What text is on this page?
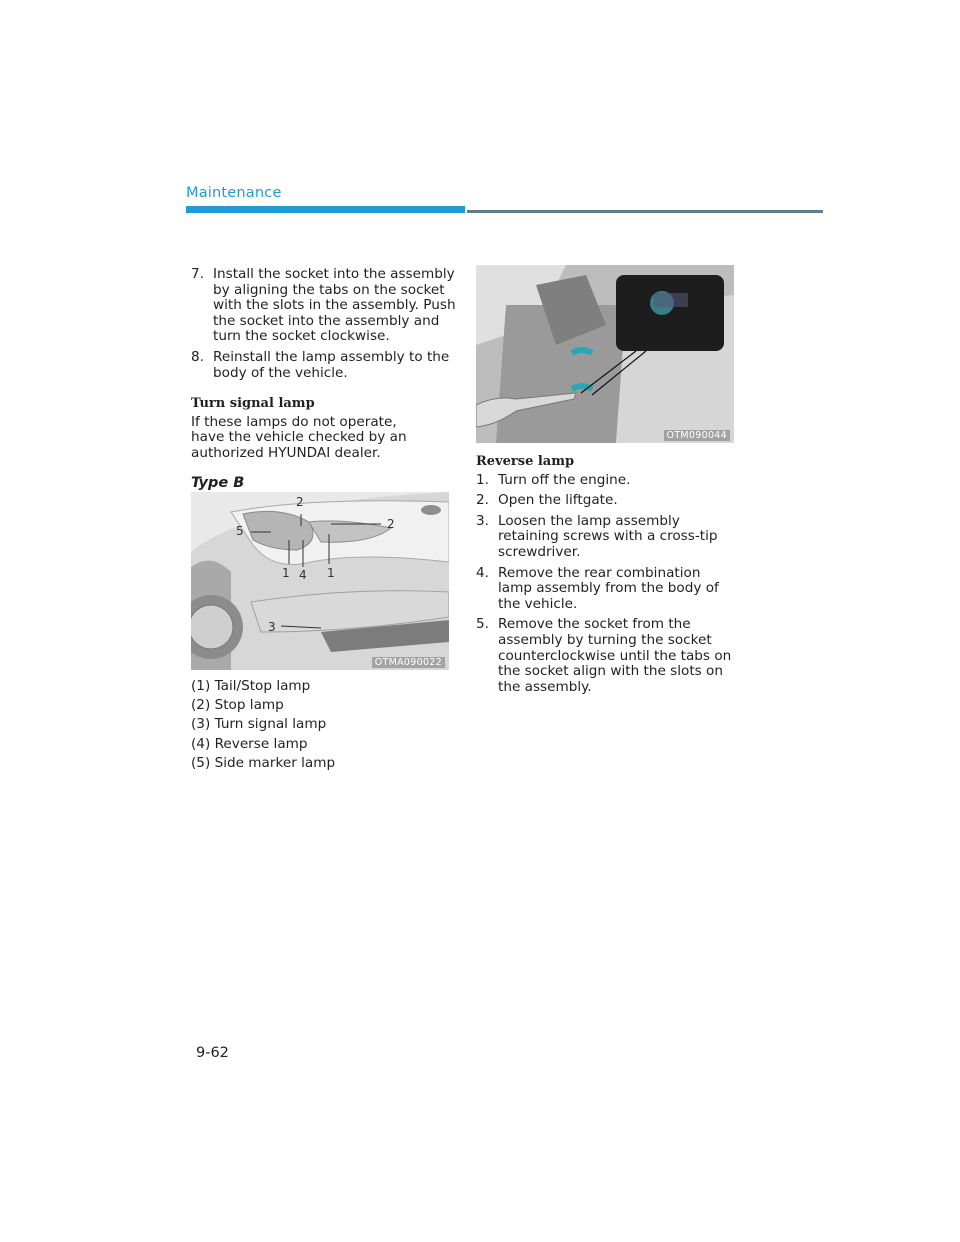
Maintenance
7. Install the socket into the assembly by aligning the tabs on the socket with the slots in the assembly. Push the socket into the assembly and turn the socket clockwise.
8. Reinstall the lamp assembly to the body of the vehicle.
Turn signal lamp
If these lamps do not operate, have the vehicle checked by an authorized HYUNDAI dealer.
Type B
5
2
2
1 4 1
3
OTMA090022
(1) Tail/Stop lamp
(2) Stop lamp
(3) Turn signal lamp
(4) Reverse lamp
(5) Side marker lamp
OTM090044
Reverse lamp
1. Turn off the engine.
2. Open the liftgate.
3. Loosen the lamp assembly retaining screws with a cross-tip screwdriver.
4. Remove the rear combination lamp assembly from the body of the vehicle.
5. Remove the socket from the assembly by turning the socket counterclockwise until the tabs on the socket align with the slots on the assembly.
9-62
